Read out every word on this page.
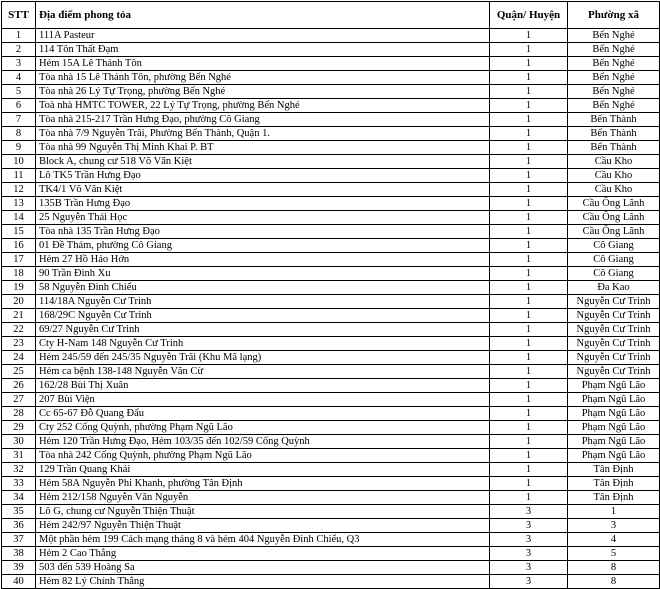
STT	Địa điểm phong tỏa	Quận/ Huyện	Phường xã
1	111A Pasteur	1	Bến Nghé
2	114 Tôn Thất Đạm	1	Bến Nghé
3	Hẻm 15A Lê Thánh Tôn	1	Bến Nghé
4	Tòa nhà 15 Lê Thánh Tôn, phường Bến Nghé	1	Bến Nghé
5	Tòa nhà 26 Lý Tự Trọng, phường Bến Nghé	1	Bến Nghé
6	Toà nhà HMTC TOWER, 22 Lý Tự Trọng, phường Bến Nghé	1	Bến Nghé
7	Tòa nhà 215-217 Trần Hưng Đạo, phường Cô Giang	1	Bến Thành
8	Tòa nhà 7/9 Nguyễn Trãi, Phường Bến Thành, Quận 1.	1	Bến Thành
9	Tòa nhà 99 Nguyễn Thị Minh Khai P. BT	1	Bến Thành
10	Block A, chung cư 518 Võ Văn Kiệt	1	Cầu Kho
11	Lô TK5 Trần Hưng Đạo	1	Cầu Kho
12	TK4/1 Võ Văn Kiệt	1	Cầu Kho
13	135B Trần Hưng Đạo	1	Cầu Ông Lãnh
14	25 Nguyễn Thái Học	1	Cầu Ông Lãnh
15	Tòa nhà 135 Trần Hưng Đạo	1	Cầu Ông Lãnh
16	01 Đề Thám, phường Cô Giang	1	Cô Giang
17	Hẻm 27 Hồ Hảo Hớn	1	Cô Giang
18	90 Trần Đình Xu	1	Cô Giang
19	58 Nguyễn Đình Chiểu	1	Đa Kao
20	114/18A Nguyễn Cư Trinh	1	Nguyễn Cư Trinh
21	168/29C Nguyễn Cư Trinh	1	Nguyễn Cư Trinh
22	69/27 Nguyễn Cư Trinh	1	Nguyễn Cư Trinh
23	Cty H-Nam 148 Nguyễn Cư Trinh	1	Nguyễn Cư Trinh
24	Hẻm 245/59 đến 245/35 Nguyễn Trãi (Khu Mã lạng)	1	Nguyễn Cư Trinh
25	Hẻm ca bệnh 138-148 Nguyễn Văn Cừ	1	Nguyễn Cư Trinh
26	162/28 Bùi Thị Xuân	1	Phạm Ngũ Lão
27	207 Bùi Viện	1	Phạm Ngũ Lão
28	Cc 65-67 Đỗ Quang Đẩu	1	Phạm Ngũ Lão
29	Cty 252 Cống Quỳnh, phường Phạm Ngũ Lão	1	Phạm Ngũ Lão
30	Hẻm 120 Trần Hưng Đạo, Hẻm 103/35 đến 102/59 Cống Quỳnh	1	Phạm Ngũ Lão
31	Tòa nhà 242 Cống Quỳnh, phường Phạm Ngũ Lão	1	Phạm Ngũ Lão
32	129 Trần Quang Khải	1	Tân Định
33	Hẻm 58A Nguyễn Phi Khanh, phường Tân Định	1	Tân Định
34	Hẻm 212/158 Nguyễn Văn Nguyễn	1	Tân Định
35	Lô G, chung cư Nguyễn Thiện Thuật	3	1
36	Hẻm 242/97 Nguyễn Thiện Thuật	3	3
37	Một phần hẻm 199 Cách mạng tháng 8 và hẻm 404 Nguyễn Đình Chiểu, Q3	3	4
38	Hẻm 2 Cao Thắng	3	5
39	503 đến 539 Hoàng Sa	3	8
40	Hẻm 82 Lý Chính Thắng	3	8
